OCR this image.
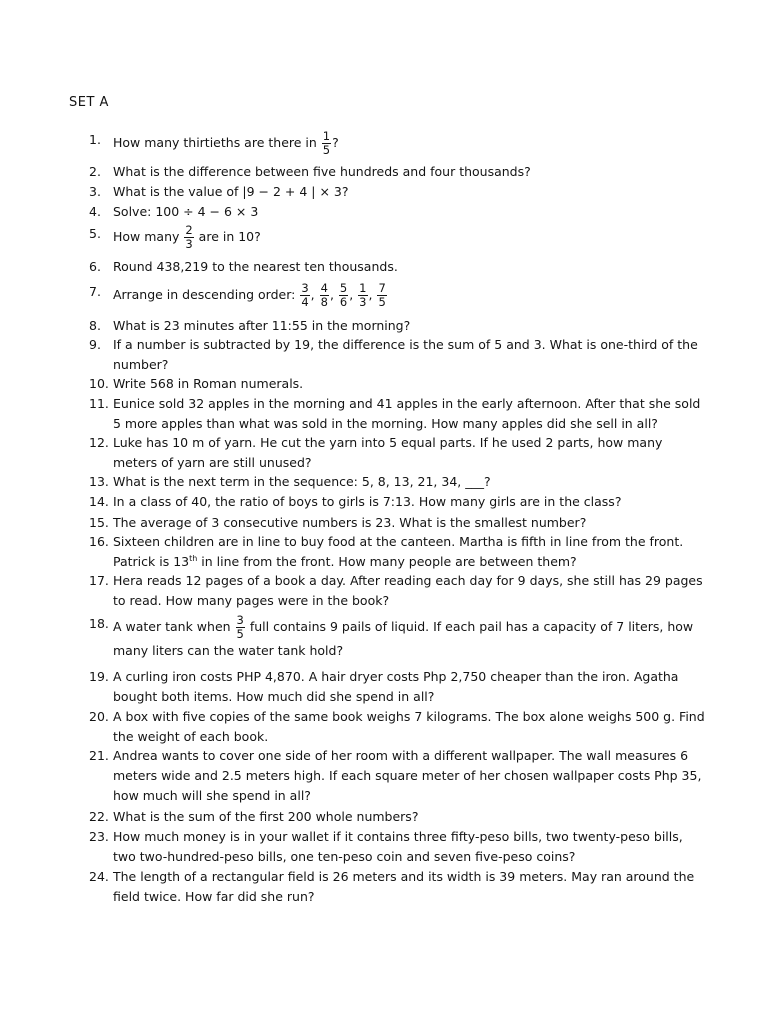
SET A
1. How many thirtieths are there in $\frac{1}{5}$ ?
2. What is the difference between five hundreds and four thousands?
3. What is the value of |9 − 2 + 4 | × 3?
4. Solve: 100 ÷ 4 − 6 × 3
5. How many $\frac{2}{3}$ are in 10?
6. Round 438,219 to the nearest ten thousands.
7. Arrange in descending order: $\frac{3}{4}$ , $\frac{4}{8}$ , $\frac{5}{6}$ , $\frac{1}{3}$ , $\frac{7}{5}$
8. What is 23 minutes after 11:55 in the morning?
9. If a number is subtracted by 19, the difference is the sum of 5 and 3. What is one-third of the number?
10. Write 568 in Roman numerals.
11. Eunice sold 32 apples in the morning and 41 apples in the early afternoon. After that she sold 5 more apples than what was sold in the morning. How many apples did she sell in all?
12. Luke has 10 m of yarn. He cut the yarn into 5 equal parts. If he used 2 parts, how many meters of yarn are still unused?
13. What is the next term in the sequence: 5, 8, 13, 21, 34, ___?
14. In a class of 40, the ratio of boys to girls is 7:13. How many girls are in the class?
15. The average of 3 consecutive numbers is 23. What is the smallest number?
16. Sixteen children are in line to buy food at the canteen. Martha is fifth in line from the front. Patrick is 13th in line from the front. How many people are between them?
17. Hera reads 12 pages of a book a day. After reading each day for 9 days, she still has 29 pages to read. How many pages were in the book?
18. A water tank when $\frac{3}{5}$ full contains 9 pails of liquid. If each pail has a capacity of 7 liters, how many liters can the water tank hold?
19. A curling iron costs PHP 4,870. A hair dryer costs Php 2,750 cheaper than the iron. Agatha bought both items. How much did she spend in all?
20. A box with five copies of the same book weighs 7 kilograms. The box alone weighs 500 g. Find the weight of each book.
21. Andrea wants to cover one side of her room with a different wallpaper. The wall measures 6 meters wide and 2.5 meters high. If each square meter of her chosen wallpaper costs Php 35, how much will she spend in all?
22. What is the sum of the first 200 whole numbers?
23. How much money is in your wallet if it contains three fifty-peso bills, two twenty-peso bills, two two-hundred-peso bills, one ten-peso coin and seven five-peso coins?
24. The length of a rectangular field is 26 meters and its width is 39 meters. May ran around the field twice. How far did she run?
